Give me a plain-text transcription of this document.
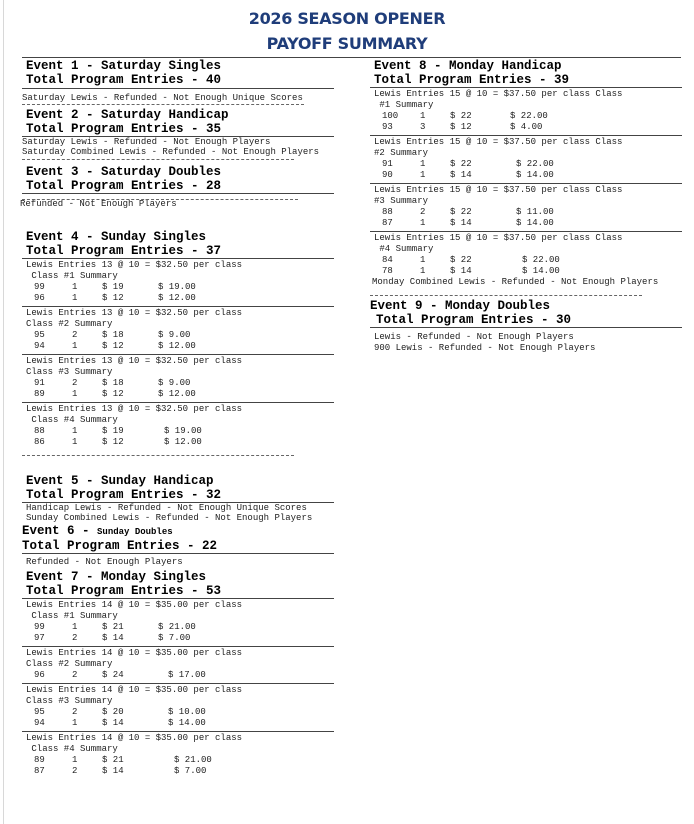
2026 SEASON OPENER
PAYOFF SUMMARY
Event 1 - Saturday Singles
Total Program Entries - 40
Saturday Lewis - Refunded - Not Enough Unique Scores
Event 2 - Saturday Handicap
Total Program Entries - 35
Saturday Lewis - Refunded - Not Enough Players
Saturday Combined Lewis - Refunded - Not Enough Players
Event 3 - Saturday Doubles
Total Program Entries - 28
Refunded - Not Enough Players
Event 4 - Sunday Singles
Total Program Entries - 37
Lewis Entries 13 @ 10 = $32.50 per class
Class #1 Summary
99	1	$ 19	$ 19.00
96	1	$ 12	$ 12.00
Lewis Entries 13 @ 10 = $32.50 per class
Class #2 Summary
95	2	$ 18	$ 9.00
94	1	$ 12	$ 12.00
Lewis Entries 13 @ 10 = $32.50 per class
Class #3 Summary
91	2	$ 18	$ 9.00
89	1	$ 12	$ 12.00
Lewis Entries 13 @ 10 = $32.50 per class
Class #4 Summary
88	1	$ 19	$ 19.00
86	1	$ 12	$ 12.00
Event 5 - Sunday Handicap
Total Program Entries - 32
Handicap Lewis - Refunded - Not Enough Unique Scores
Sunday Combined Lewis - Refunded - Not Enough Players
Event 6 - Sunday Doubles
Total Program Entries - 22
Refunded - Not Enough Players
Event 7 - Monday Singles
Total Program Entries - 53
Lewis Entries 14 @ 10 = $35.00 per class
Class #1 Summary
99	1	$ 21	$ 21.00
97	2	$ 14	$ 7.00
Lewis Entries 14 @ 10 = $35.00 per class
Class #2 Summary
96	2	$ 24	$ 17.00
Lewis Entries 14 @ 10 = $35.00 per class
Class #3 Summary
95	2	$ 20	$ 10.00
94	1	$ 14	$ 14.00
Lewis Entries 14 @ 10 = $35.00 per class
Class #4 Summary
89	1	$ 21	$ 21.00
87	2	$ 14	$ 7.00
Event 8 - Monday Handicap
Total Program Entries - 39
Lewis Entries 15 @ 10 = $37.50 per class Class
#1 Summary
100	1	$ 22	$ 22.00
93	3	$ 12	$ 4.00
Lewis Entries 15 @ 10 = $37.50 per class Class
#2 Summary
91	1	$ 22	$ 22.00
90	1	$ 14	$ 14.00
Lewis Entries 15 @ 10 = $37.50 per class Class
#3 Summary
88	2	$ 22	$ 11.00
87	1	$ 14	$ 14.00
Lewis Entries 15 @ 10 = $37.50 per class Class
#4 Summary
84	1	$ 22	$ 22.00
78	1	$ 14	$ 14.00
Monday Combined Lewis - Refunded - Not Enough Players
Event 9 - Monday Doubles
Total Program Entries - 30
Lewis - Refunded - Not Enough Players
900 Lewis - Refunded - Not Enough Players
